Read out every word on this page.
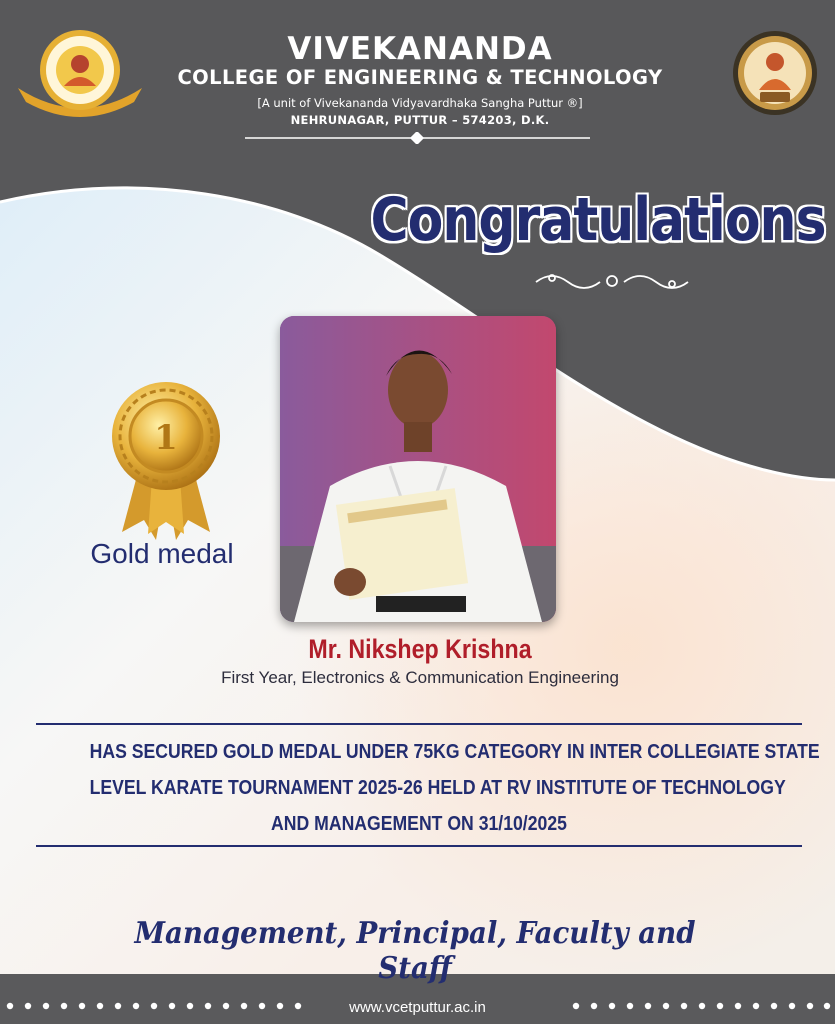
VIVEKANANDA
COLLEGE OF ENGINEERING & TECHNOLOGY
[A unit of Vivekananda Vidyavardhaka Sangha Puttur ®]
NEHRUNAGAR, PUTTUR – 574203, D.K.
Congratulations
1
Gold medal
Mr. Nikshep Krishna
First Year, Electronics & Communication Engineering
HAS SECURED GOLD MEDAL UNDER 75KG CATEGORY IN INTER COLLEGIATE STATE
LEVEL KARATE TOURNAMENT 2025-26 HELD AT RV INSTITUTE OF TECHNOLOGY
AND MANAGEMENT ON 31/10/2025
Management, Principal, Faculty and Staff
www.vcetputtur.ac.in
